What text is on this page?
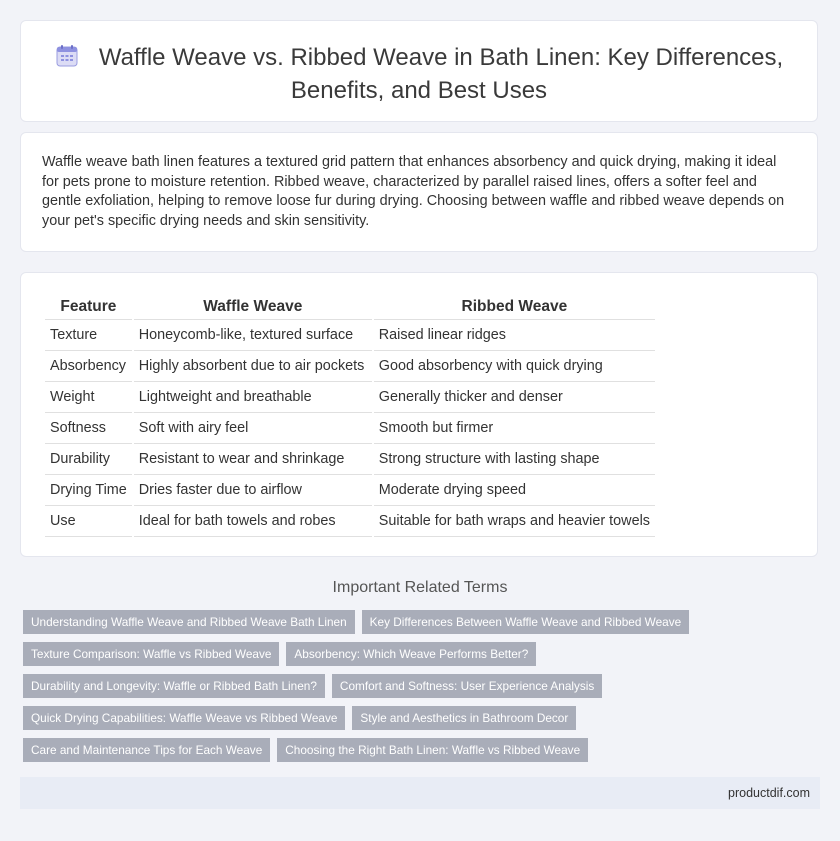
Waffle Weave vs. Ribbed Weave in Bath Linen: Key Differences,
Benefits, and Best Uses
Waffle weave bath linen features a textured grid pattern that enhances absorbency and quick drying, making it ideal for pets prone to moisture retention. Ribbed weave, characterized by parallel raised lines, offers a softer feel and gentle exfoliation, helping to remove loose fur during drying. Choosing between waffle and ribbed weave depends on your pet's specific drying needs and skin sensitivity.
Feature	Waffle Weave	Ribbed Weave
Texture	Honeycomb-like, textured surface	Raised linear ridges
Absorbency	Highly absorbent due to air pockets	Good absorbency with quick drying
Weight	Lightweight and breathable	Generally thicker and denser
Softness	Soft with airy feel	Smooth but firmer
Durability	Resistant to wear and shrinkage	Strong structure with lasting shape
Drying Time	Dries faster due to airflow	Moderate drying speed
Use	Ideal for bath towels and robes	Suitable for bath wraps and heavier towels
Important Related Terms
Understanding Waffle Weave and Ribbed Weave Bath Linen	Key Differences Between Waffle Weave and Ribbed Weave
Texture Comparison: Waffle vs Ribbed Weave	Absorbency: Which Weave Performs Better?
Durability and Longevity: Waffle or Ribbed Bath Linen?	Comfort and Softness: User Experience Analysis
Quick Drying Capabilities: Waffle Weave vs Ribbed Weave	Style and Aesthetics in Bathroom Decor
Care and Maintenance Tips for Each Weave	Choosing the Right Bath Linen: Waffle vs Ribbed Weave
productdif.com
